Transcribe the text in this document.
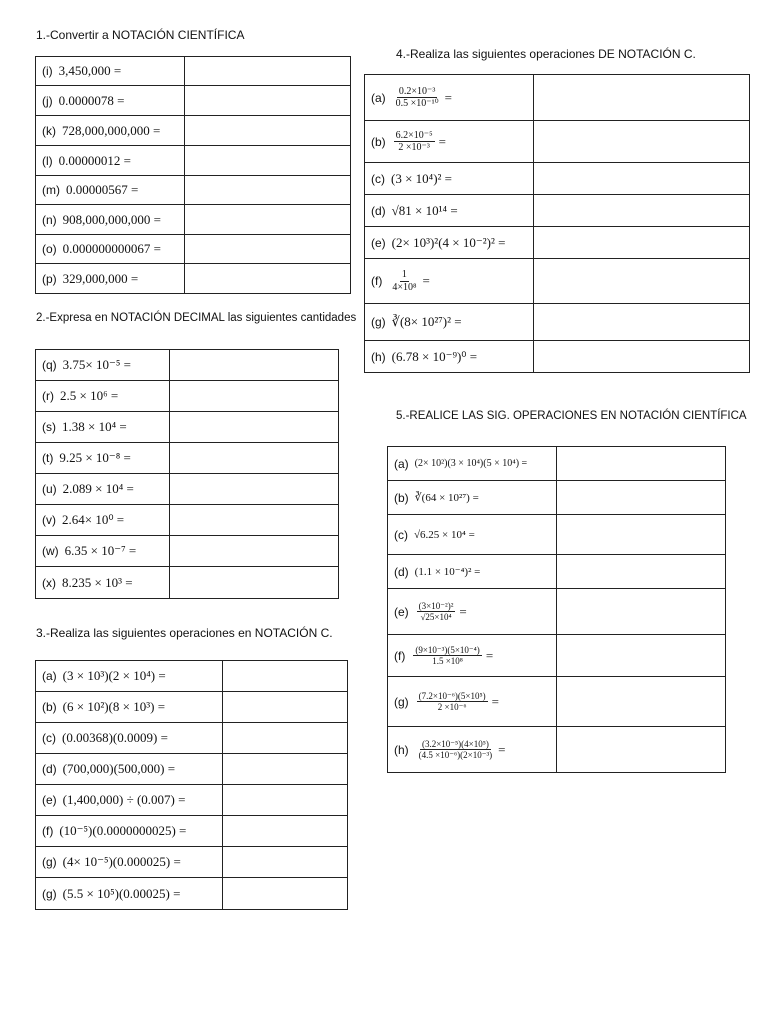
1.-Convertir a NOTACIÓN CIENTÍFICA
(i) 3,450,000 =	

(j) 0.0000078 =	

(k) 728,000,000,000 =	

(l) 0.00000012 =	

(m) 0.00000567 =	

(n) 908,000,000,000 =	

(o) 0.000000000067 =	

(p) 329,000,000 =	

2.-Expresa en NOTACIÓN DECIMAL las siguientes cantidades
(q) 3.75× 10⁻⁵ =	

(r) 2.5 × 10⁶ =	

(s) 1.38 × 10⁴ =	

(t) 9.25 × 10⁻⁸ =	

(u) 2.089 × 10⁴ =	

(v) 2.64× 10⁰ =	

(w) 6.35 × 10⁻⁷ =	

(x) 8.235 × 10³ =	

3.-Realiza las siguientes operaciones en NOTACIÓN C.
(a) (3 × 10³)(2 × 10⁴) =	

(b) (6 × 10²)(8 × 10³) =	

(c) (0.00368)(0.0009) =	

(d) (700,000)(500,000) =	

(e) (1,400,000) ÷ (0.007) =	

(f) (10⁻⁵)(0.0000000025) =	

(g) (4× 10⁻⁵)(0.000025) =	

(g) (5.5 × 10⁵)(0.00025) =	

4.-Realiza las siguientes operaciones DE NOTACIÓN C.
$(a) \frac{\text{0.2×10⁻³}}{\text{0.5 ×10⁻¹⁰}}$ =	

$(b) \frac{\text{6.2×10⁻⁵}}{\text{2 ×10⁻³}}$ =	

(c) (3 × 10⁴)² =	

(d) √81 × 10¹⁴ =	

(e) (2× 10³)²(4 × 10⁻²)² =	

$(f) \frac{1}{\text{4×10⁸}}$ =	

(g) ∛(8× 10²⁷)² =	

(h) (6.78 × 10⁻⁹)⁰ =	

5.-REALICE LAS SIG. OPERACIONES EN NOTACIÓN CIENTÍFICA
(a) (2× 10²)(3 × 10⁴)(5 × 10⁴) =	

(b) ∛(64 × 10²⁷) =	

(c) √6.25 × 10⁴ =	

(d) (1.1 × 10⁻⁴)² =	

$(e) \frac{\text{(3×10⁻²)²}}{\text{√25×10⁴}}$ =	

$(f) \frac{\text{(9×10⁻³)(5×10⁻⁴)}}{\text{1.5 ×10⁸}}$ =	

$(g) \frac{\text{(7.2×10⁻⁶)(5×10⁵)}}{\text{2 ×10⁻⁶}}$ =	

$(h) \frac{\text{(3.2×10⁻⁵)(4×10⁵)}}{\text{(4.5 ×10⁻⁶)(2×10⁻³)}}$ =	
